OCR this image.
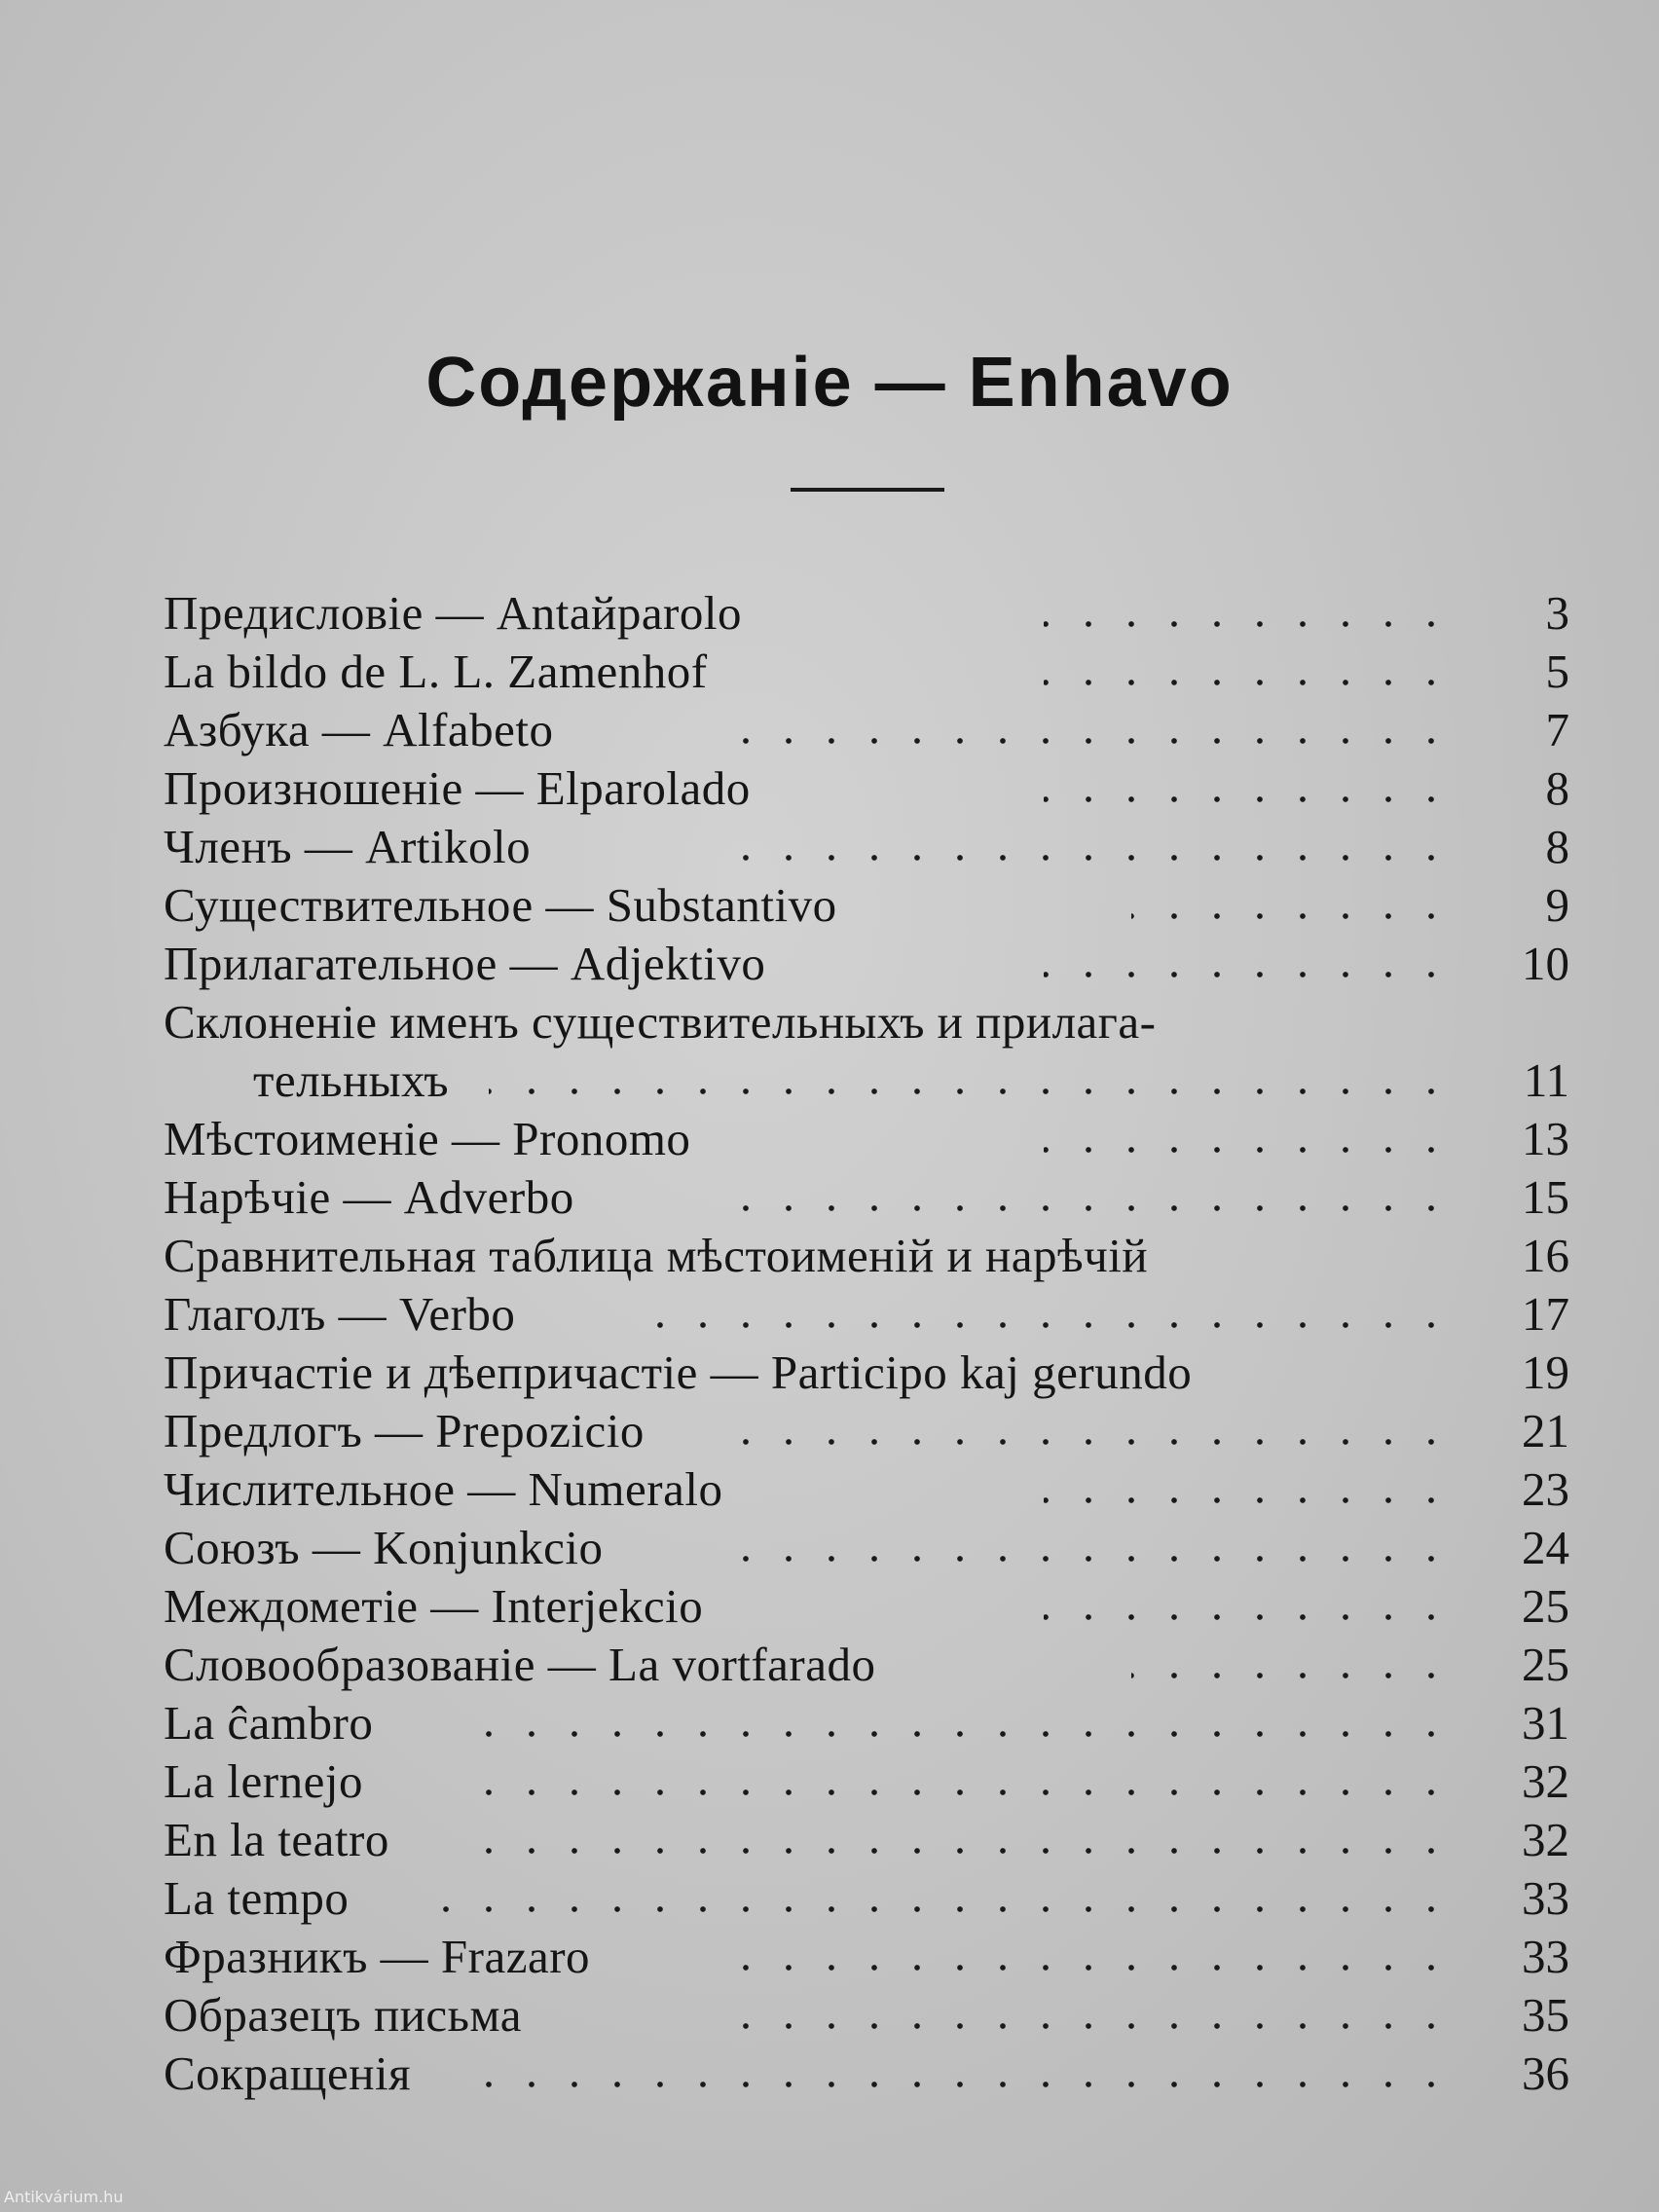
Содержаніе — Enhavo
Предисловіе — Antaйparolo	3
La bildo de L. L. Zamenhof	5
Азбука — Alfabeto	7
Произношеніе — Elparolado	8
Членъ — Artikolo	8
Существительное — Substantivo	9
Прилагательное — Adjektivo	10
Склоненіе именъ существительныхъ и прилага-
тельныхъ	11
Мѣстоименіе — Pronomo	13
Нарѣчіе — Adverbo	15
Сравнительная таблица мѣстоименій и нарѣчій	16
Глаголъ — Verbo	17
Причастіе и дѣепричастіе — Participo kaj gerundo	19
Предлогъ — Prepozicio	21
Числительное — Numeralo	23
Союзъ — Konjunkcio	24
Междометіе — Interjekcio	25
Словообразованіе — La vortfarado	25
La ĉambro	31
La lernejo	32
En la teatro	32
La tempo	33
Фразникъ — Frazaro	33
Образецъ письма	35
Сокращенія	36
Antikvárium.hu
